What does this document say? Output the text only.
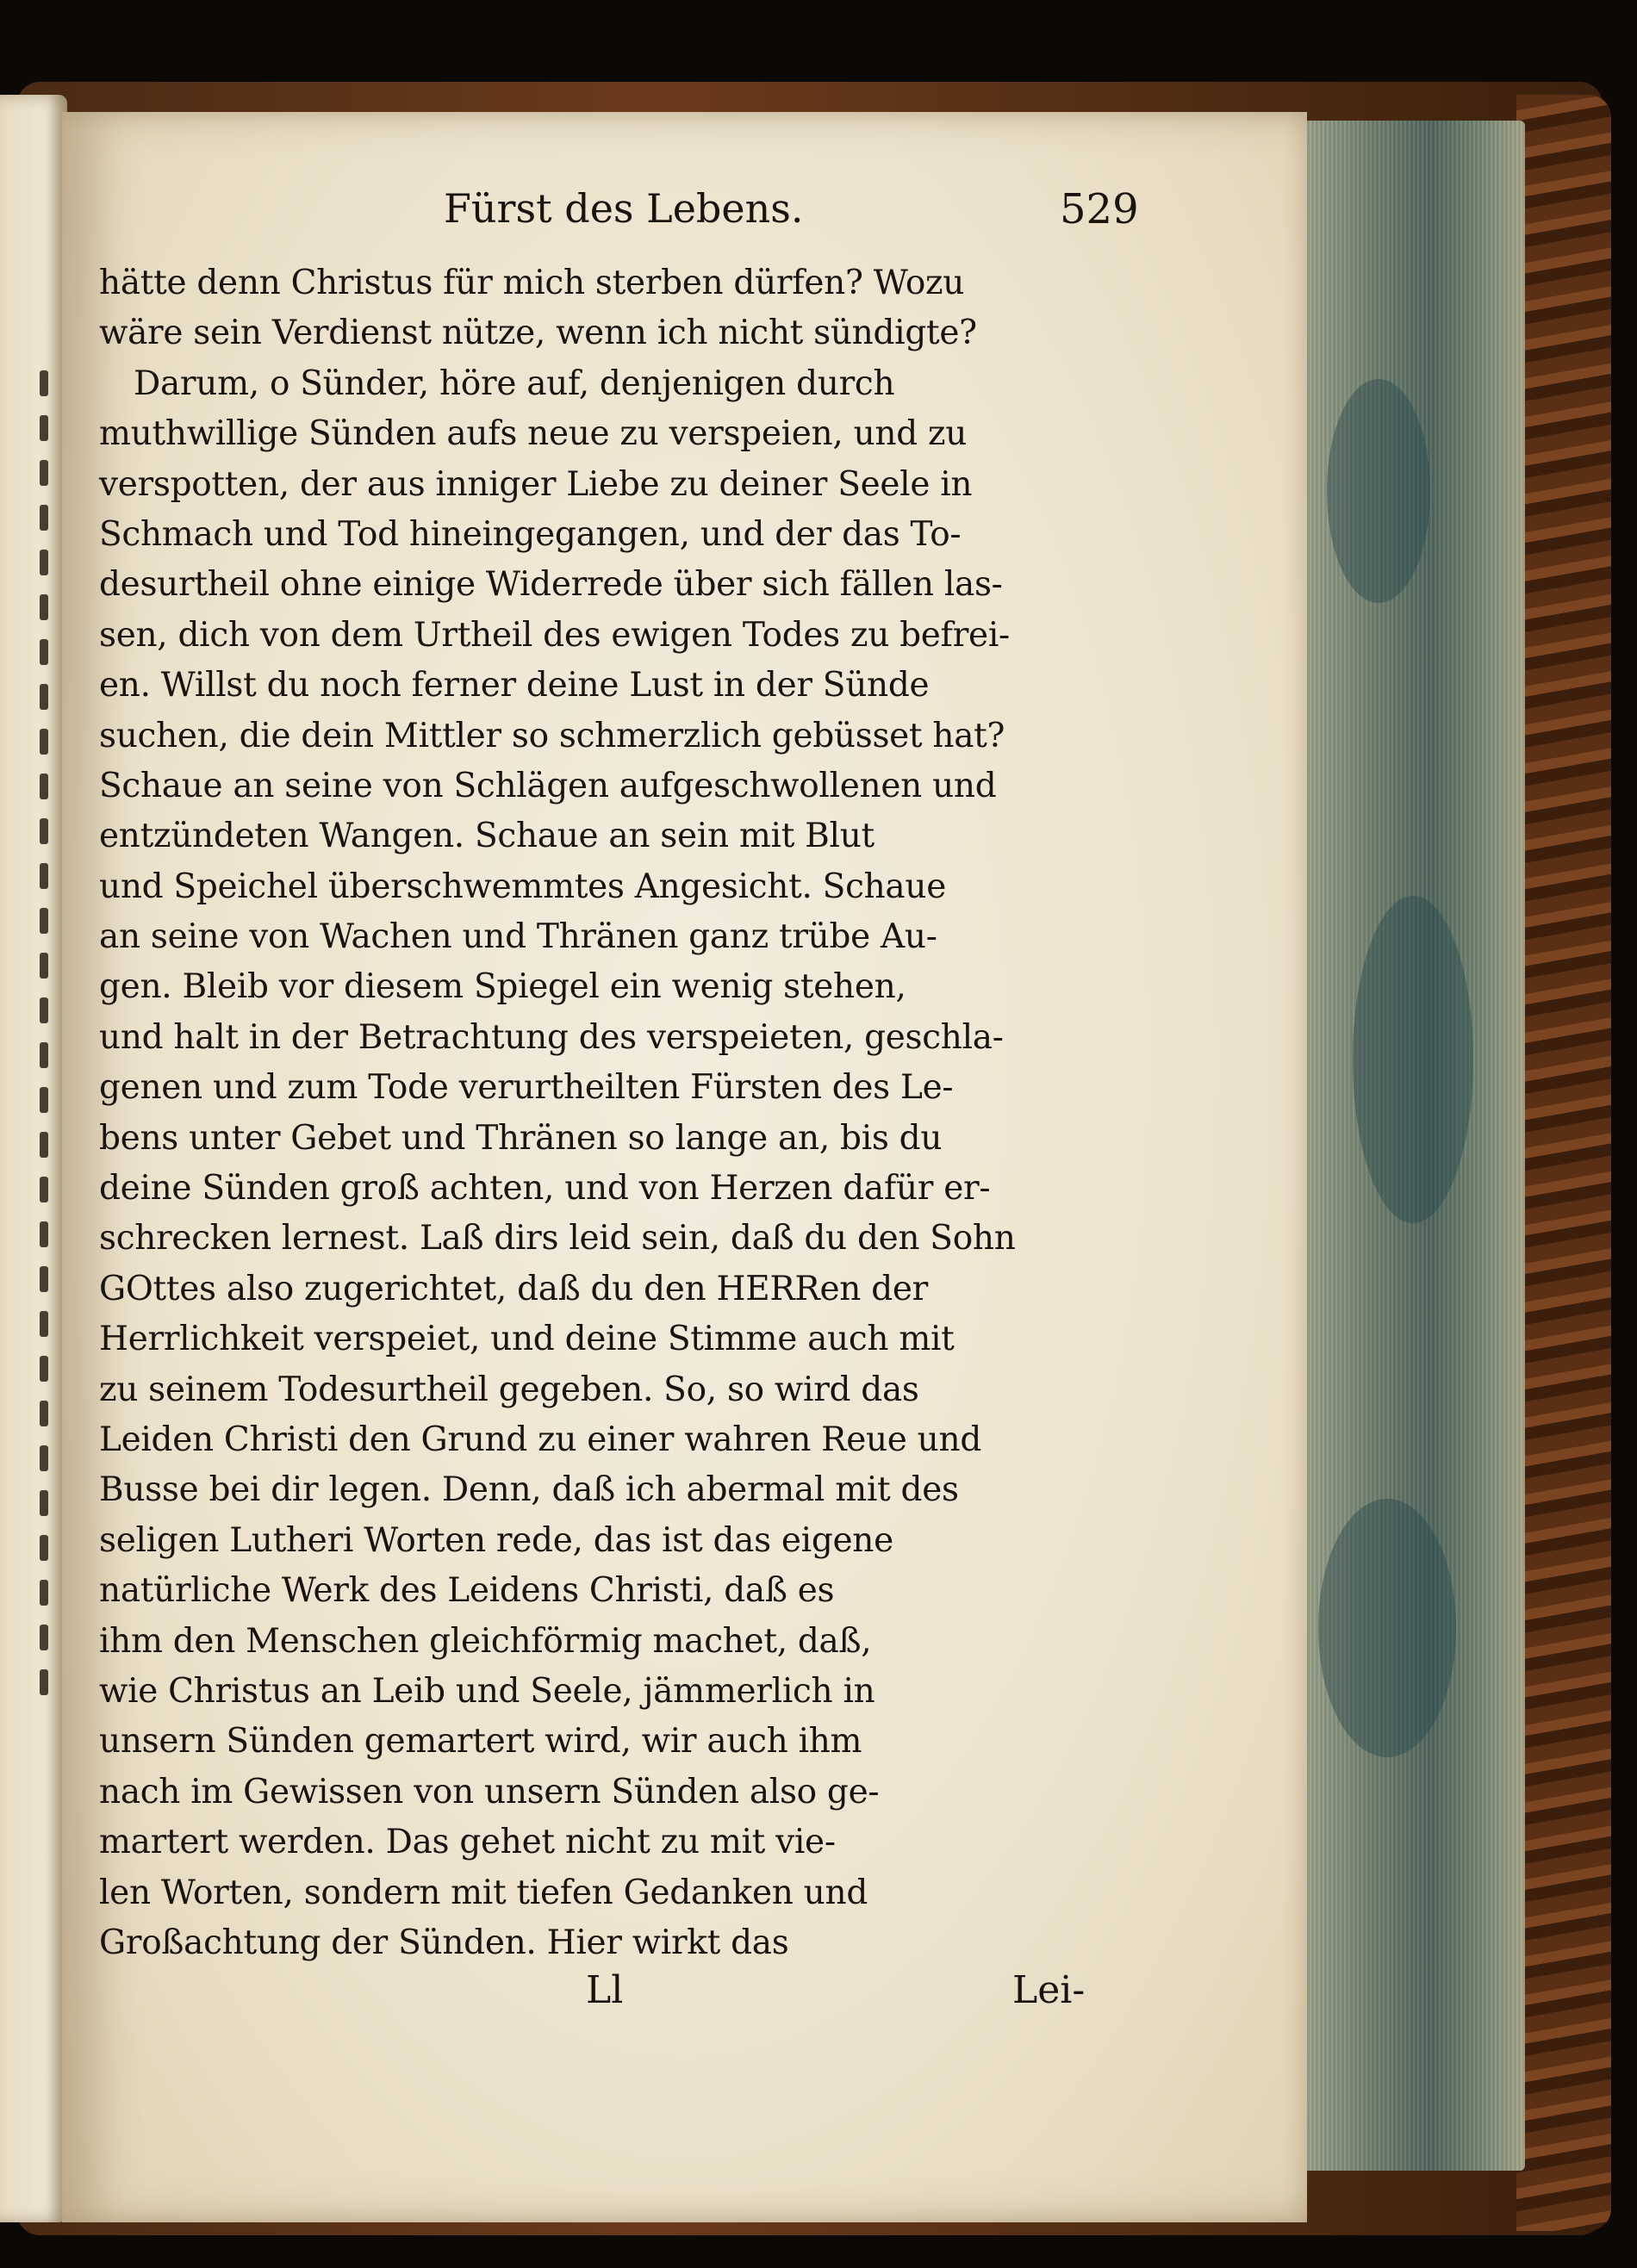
Fürst des Lebens.	529
hätte denn Christus für mich sterben dürfen? Wozu
wäre sein Verdienst nütze, wenn ich nicht sündigte?
Darum, o Sünder, höre auf, denjenigen durch
muthwillige Sünden aufs neue zu verspeien, und zu
verspotten, der aus inniger Liebe zu deiner Seele in
Schmach und Tod hineingegangen, und der das To-
desurtheil ohne einige Widerrede über sich fällen las-
sen, dich von dem Urtheil des ewigen Todes zu befrei-
en. Willst du noch ferner deine Lust in der Sünde
suchen, die dein Mittler so schmerzlich gebüsset hat?
Schaue an seine von Schlägen aufgeschwollenen und
entzündeten Wangen. Schaue an sein mit Blut
und Speichel überschwemmtes Angesicht. Schaue
an seine von Wachen und Thränen ganz trübe Au-
gen. Bleib vor diesem Spiegel ein wenig stehen,
und halt in der Betrachtung des verspeieten, geschla-
genen und zum Tode verurtheilten Fürsten des Le-
bens unter Gebet und Thränen so lange an, bis du
deine Sünden groß achten, und von Herzen dafür er-
schrecken lernest. Laß dirs leid sein, daß du den Sohn
GOttes also zugerichtet, daß du den HERRen der
Herrlichkeit verspeiet, und deine Stimme auch mit
zu seinem Todesurtheil gegeben. So, so wird das
Leiden Christi den Grund zu einer wahren Reue und
Busse bei dir legen. Denn, daß ich abermal mit des
seligen Lutheri Worten rede, das ist das eigene
natürliche Werk des Leidens Christi, daß es
ihm den Menschen gleichförmig machet, daß,
wie Christus an Leib und Seele, jämmerlich in
unsern Sünden gemartert wird, wir auch ihm
nach im Gewissen von unsern Sünden also ge-
martert werden. Das gehet nicht zu mit vie-
len Worten, sondern mit tiefen Gedanken und
Großachtung der Sünden. Hier wirkt das
Ll	Lei-
